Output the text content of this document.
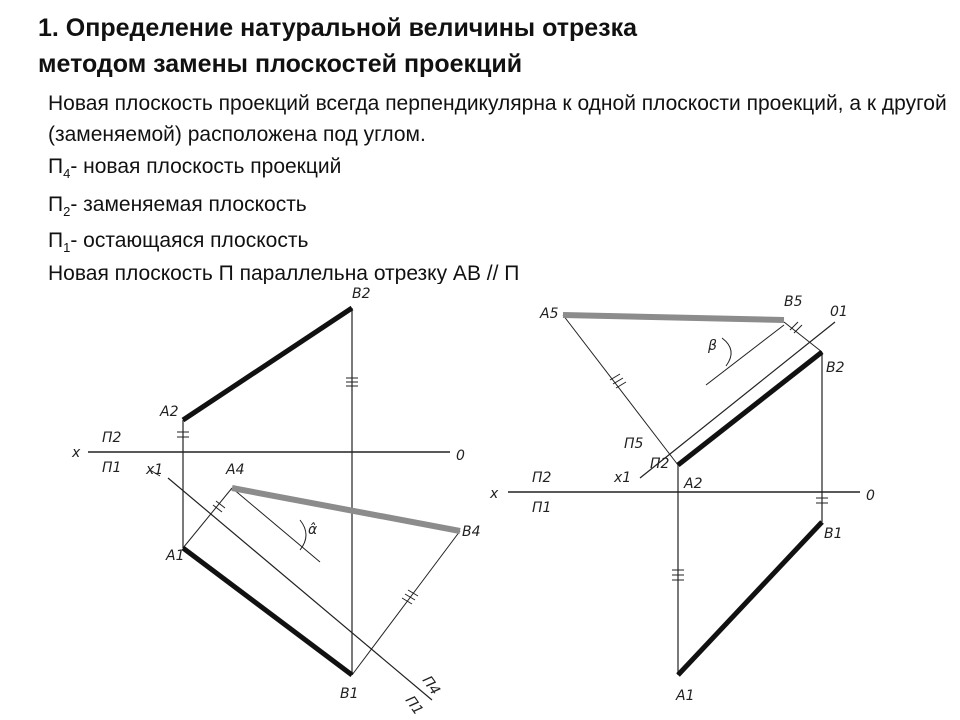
1. Определение натуральной величины отрезка
методом замены плоскостей проекций
Новая плоскость проекций всегда перпендикулярна к одной плоскости проекций, а к другой (заменяемой) расположена под углом.
$П_4-$ новая плоскость проекций
$П_2-$ заменяемая плоскость
$П_1-$ остающаяся плоскость
Новая плоскость П параллельна отрезку АВ // П
A2
B2
A1
B1
A4
B4
x	0
П2
П1 x1
П4
П1
α̂
A5
B5
01
B2
A2
B1
A1
x	0
П2
П1
x1
П5
П2
β
